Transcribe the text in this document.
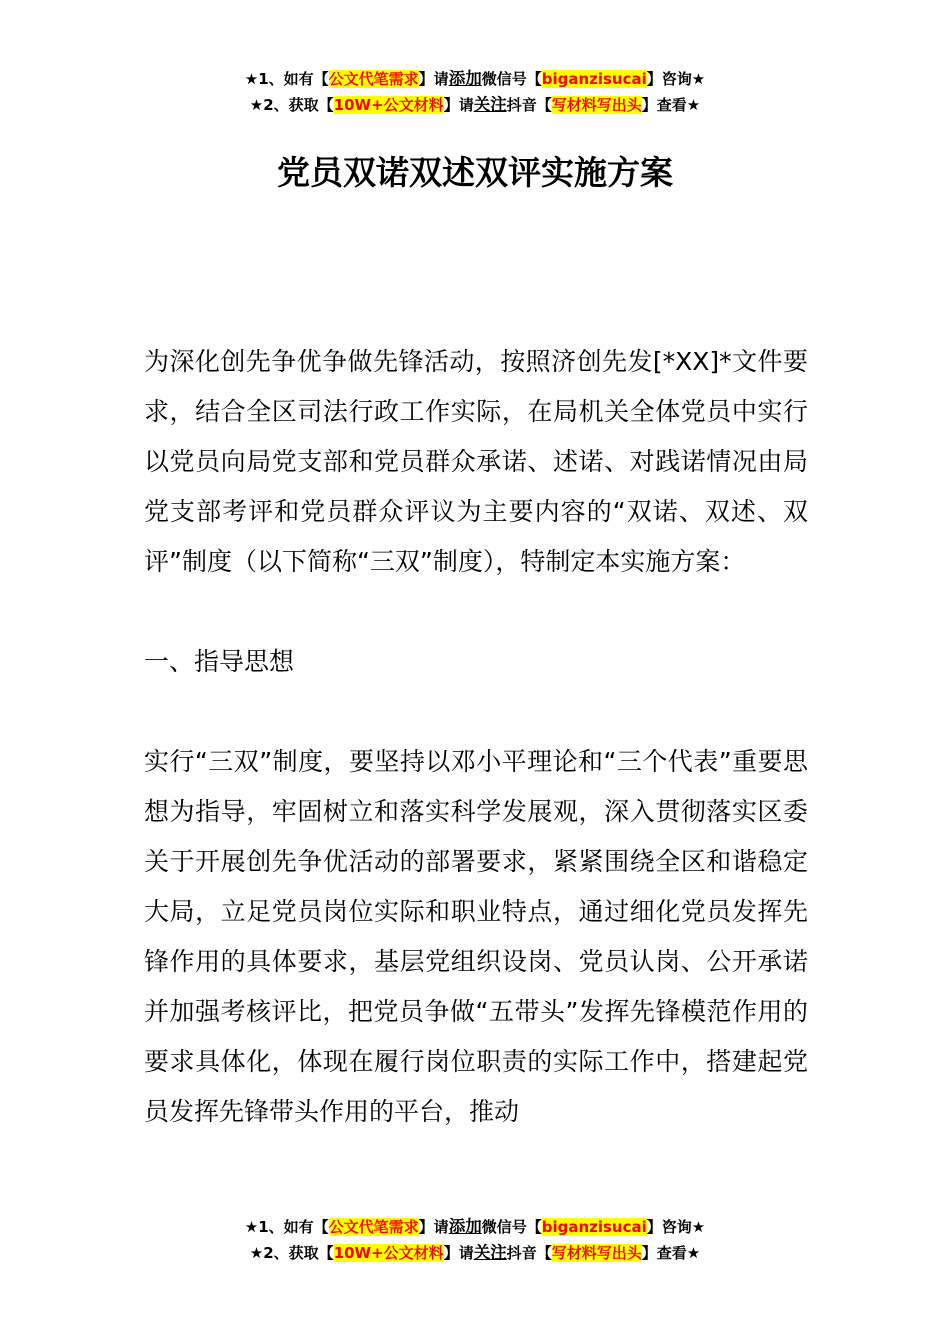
★1、如有【公文代笔需求】请添加微信号【biganzisucai】咨询★
★2、获取【10W+公文材料】请关注抖音【写材料写出头】查看★
党员双诺双述双评实施方案

为深化创先争优争做先锋活动，按照济创先发[*XX]*文件要求，结合全区司法行政工作实际，在局机关全体党员中实行以党员向局党支部和党员群众承诺、述诺、对践诺情况由局党支部考评和党员群众评议为主要内容的“双诺、双述、双评”制度（以下简称“三双”制度），特制定本实施方案：

一、指导思想

实行“三双”制度，要坚持以邓小平理论和“三个代表”重要思想为指导，牢固树立和落实科学发展观，深入贯彻落实区委关于开展创先争优活动的部署要求，紧紧围绕全区和谐稳定大局，立足党员岗位实际和职业特点，通过细化党员发挥先锋作用的具体要求，基层党组织设岗、党员认岗、公开承诺并加强考核评比，把党员争做“五带头”发挥先锋模范作用的要求具体化，体现在履行岗位职责的实际工作中，搭建起党员发挥先锋带头作用的平台，推动

★1、如有【公文代笔需求】请添加微信号【biganzisucai】咨询★
★2、获取【10W+公文材料】请关注抖音【写材料写出头】查看★
